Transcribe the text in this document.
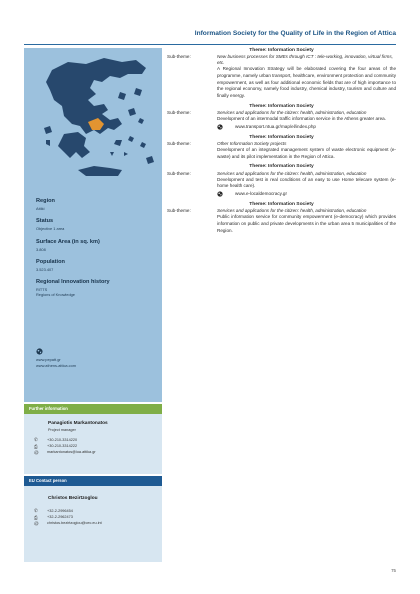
Information Society for the Quality of Life in the Region of Attica
Region
Attiki
Status
Objective 1 area
Surface Area (in sq. km)
3.808
Population
3.523.407
Regional Innovation history
RITTS
Regions of Knowledge
www.pepatt.gr
www.athens-attica.com
Further information
Panagiotis Markantonatos
Project manager
✆	+30-210-3314220
⎙	+30-210-3314222
@	markantonatos@ioa.attika.gr
EU Contact person
Christos Bezirtzoglou
✆	+32-2-2996454
⎙	+32-2-2962473
@	christos.bezirtzoglou@cec.eu.int
Theme: Information Society
Sub-theme:	New business processes for SMEs through ICT : tele-working, innovation, virtual firms, etc.
A Regional Innovation Strategy will be elaborated covering the four areas of the programme, namely urban transport, healthcare, environment protection and community empowerment, as well as four additional economic fields that are of high importance to the regional economy, namely food industry, chemical industry, tourism and culture and finally energy.
Theme: Information Society
Sub-theme:	Services and applications for the citizen: health, administration, education
Development of an intermodal traffic information service in the Athens greater area.
www.transport.ntua.gr/map/el/index.php
Theme: Information Society
Sub-theme:	Other Information Society projects
Development of an integrated management system of waste electronic equipment (e-waste) and its pilot implementation in the Region of Attica.
Theme: Information Society
Sub-theme:	Services and applications for the citizen: health, administration, education
Development and test in real conditions of an easy to use Home telecare system (e-home health care).
www.e-localdemocracy.gr
Theme: Information Society
Sub-theme:	Services and applications for the citizen: health, administration, education
Public information service for community empowerment (e-democracy) which provides information on public and private developments in the urban area 5 municipalities of the Region.
75
